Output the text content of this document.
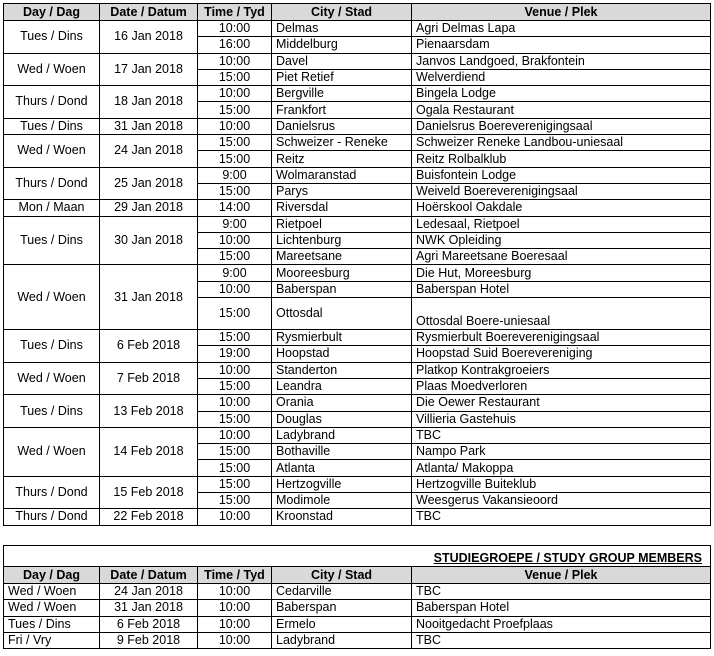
Day / Dag	Date / Datum	Time / Tyd	City / Stad	Venue / Plek
Tues / Dins	16 Jan 2018	10:00	Delmas	Agri Delmas Lapa
		16:00	Middelburg	Pienaarsdam
Wed / Woen	17 Jan 2018	10:00	Davel	Janvos Landgoed, Brakfontein
		15:00	Piet Retief	Welverdiend
Thurs / Dond	18 Jan 2018	10:00	Bergville	Bingela Lodge
		15:00	Frankfort	Ogala Restaurant
Tues / Dins	31 Jan 2018	10:00	Danielsrus	Danielsrus Boereverenigingsaal
Wed / Woen	24 Jan 2018	15:00	Schweizer - Reneke	Schweizer Reneke Landbou-uniesaal
		15:00	Reitz	Reitz Rolbalklub
Thurs / Dond	25 Jan 2018	9:00	Wolmaranstad	Buisfontein Lodge
		15:00	Parys	Weiveld Boereverenigingsaal
Mon / Maan	29 Jan 2018	14:00	Riversdal	Hoërskool Oakdale
Tues / Dins	30 Jan 2018	9:00	Rietpoel	Ledesaal, Rietpoel
		10:00	Lichtenburg	NWK Opleiding
		15:00	Mareetsane	Agri Mareetsane Boeresaal
Wed / Woen	31 Jan 2018	9:00	Mooreesburg	Die Hut, Moreesburg
		10:00	Baberspan	Baberspan Hotel
		15:00	Ottosdal	Ottosdal Boere-uniesaal
Tues / Dins	6 Feb 2018	15:00	Rysmierbult	Rysmierbult Boereverenigingsaal
		19:00	Hoopstad	Hoopstad Suid Boerevereniging
Wed / Woen	7 Feb 2018	10:00	Standerton	Platkop Kontrakgroeiers
		15:00	Leandra	Plaas Moedverloren
Tues / Dins	13 Feb 2018	10:00	Orania	Die Oewer Restaurant
		15:00	Douglas	Villieria Gastehuis
Wed / Woen	14 Feb 2018	10:00	Ladybrand	TBC
		15:00	Bothaville	Nampo Park
		15:00	Atlanta	Atlanta/ Makoppa
Thurs / Dond	15 Feb 2018	15:00	Hertzogville	Hertzogville Buiteklub
		15:00	Modimole	Weesgerus Vakansieoord
Thurs / Dond	22 Feb 2018	10:00	Kroonstad	TBC
			STUDIEGROEPE / STUDY GROUP MEMBERS	
Day / Dag	Date / Datum	Time / Tyd	City / Stad	Venue / Plek
Wed / Woen	24 Jan 2018	10:00	Cedarville	TBC
Wed / Woen	31 Jan 2018	10:00	Baberspan	Baberspan Hotel
Tues / Dins	6 Feb 2018	10:00	Ermelo	Nooitgedacht Proefplaas
Fri / Vry	9 Feb 2018	10:00	Ladybrand	TBC
